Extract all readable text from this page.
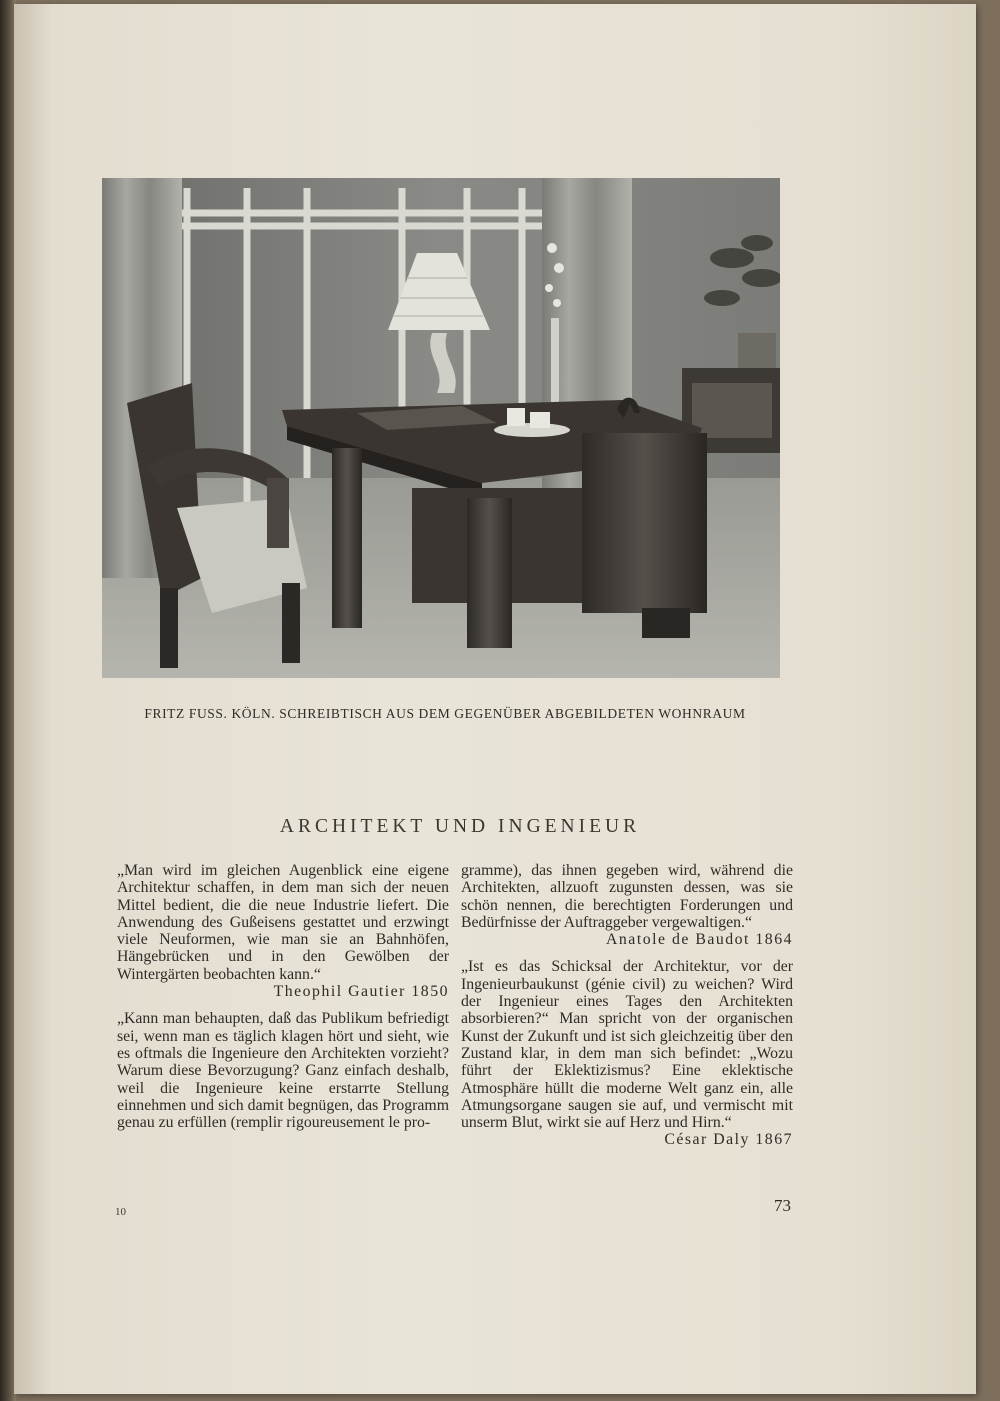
FRITZ FUSS. KÖLN. SCHREIBTISCH AUS DEM GEGENÜBER ABGEBILDETEN WOHNRAUM
ARCHITEKT UND INGENIEUR
„Man wird im gleichen Augenblick eine eigene Architektur schaffen, in dem man sich der neuen Mittel bedient, die die neue Industrie liefert. Die Anwendung des Gußeisens gestattet und erzwingt viele Neuformen, wie man sie an Bahnhöfen, Hängebrücken und in den Gewölben der Wintergärten beobachten kann.“
Theophil Gautier 1850
„Kann man behaupten, daß das Publikum befriedigt sei, wenn man es täglich klagen hört und sieht, wie es oftmals die Ingenieure den Architekten vorzieht? Warum diese Bevorzugung? Ganz einfach deshalb, weil die Ingenieure keine erstarrte Stellung einnehmen und sich damit begnügen, das Programm genau zu erfüllen (remplir rigoureusement le pro-
gramme), das ihnen gegeben wird, während die Architekten, allzuoft zugunsten dessen, was sie schön nennen, die berechtigten Forderungen und Bedürfnisse der Auftraggeber vergewaltigen.“
Anatole de Baudot 1864
„Ist es das Schicksal der Architektur, vor der Ingenieurbaukunst (génie civil) zu weichen? Wird der Ingenieur eines Tages den Architekten absorbieren?“ Man spricht von der organischen Kunst der Zukunft und ist sich gleichzeitig über den Zustand klar, in dem man sich befindet: „Wozu führt der Eklektizismus? Eine eklektische Atmosphäre hüllt die moderne Welt ganz ein, alle Atmungsorgane saugen sie auf, und vermischt mit unserm Blut, wirkt sie auf Herz und Hirn.“
César Daly 1867
10	73
